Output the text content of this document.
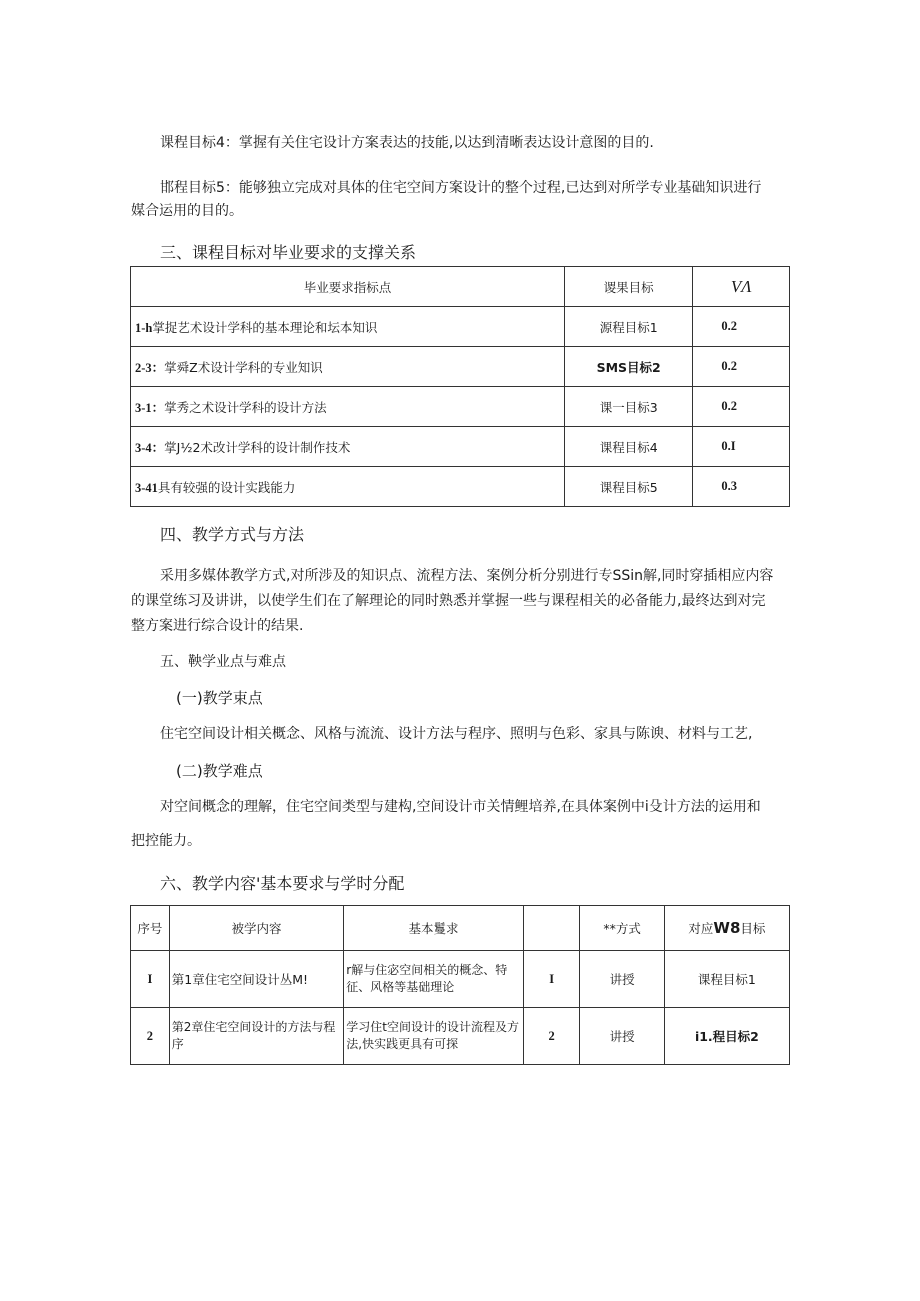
课程目标4：掌握有关住宅设计方案表达的技能,以达到清晰表达设计意图的目的.
邯程目标5：能够独立完成对具体的住宅空间方案设计的整个过程,已达到对所学专业基础知识进行
媒合运用的目的。
三、课程目标对毕业要求的支撑关系
毕业要求指标点	谡果目标	VΛ
1-h掌捉艺术设计学科的基本理论和坛本知识	源程目标1	0.2
2-3：掌舜Z术设计学科的专业知识	SMS目标2	0.2
3-1：掌秀之术设计学科的设计方法	课一目标3	0.2
3-4：掌J½2术改计学科的设计制作技术	课程目标4	0.I
3-41具有较强的设计实践能力	课程目标5	0.3
四、教学方式与方法
采用多媒体教学方式,对所涉及的知识点、流程方法、案例分析分别进行专SSin解,同时穿插相应内容
的课堂练习及讲讲，以使学生们在了解理论的同时熟悉并掌握一些与课程相关的必备能力,最终达到对完
整方案进行综合设计的结果.
五、鞅学业点与难点
(一)教学束点
住宅空间设计相关概念、风格与流流、设计方法与程序、照明与色彩、家具与陈谀、材料与工艺,
(二)教学难点
对空间概念的理解，住宅空间类型与建构,空间设计市关情鲤培养,在具体案例中i殳计方法的运用和
把控能力。
六、教学内容'基本要求与学时分配
序号	被学内容	基本鬘求		**方式	对应W8目标
I	第1章住宅空间设计丛M!	r解与住宓空间相关的概念、特征、风格等基础理论	I	讲授	课程目标1
2	第2章住宅空间设计的方法与程序	学习住t空间设计的设计流程及方法,快实践更具有可探	2	讲授	i1.程目标2
